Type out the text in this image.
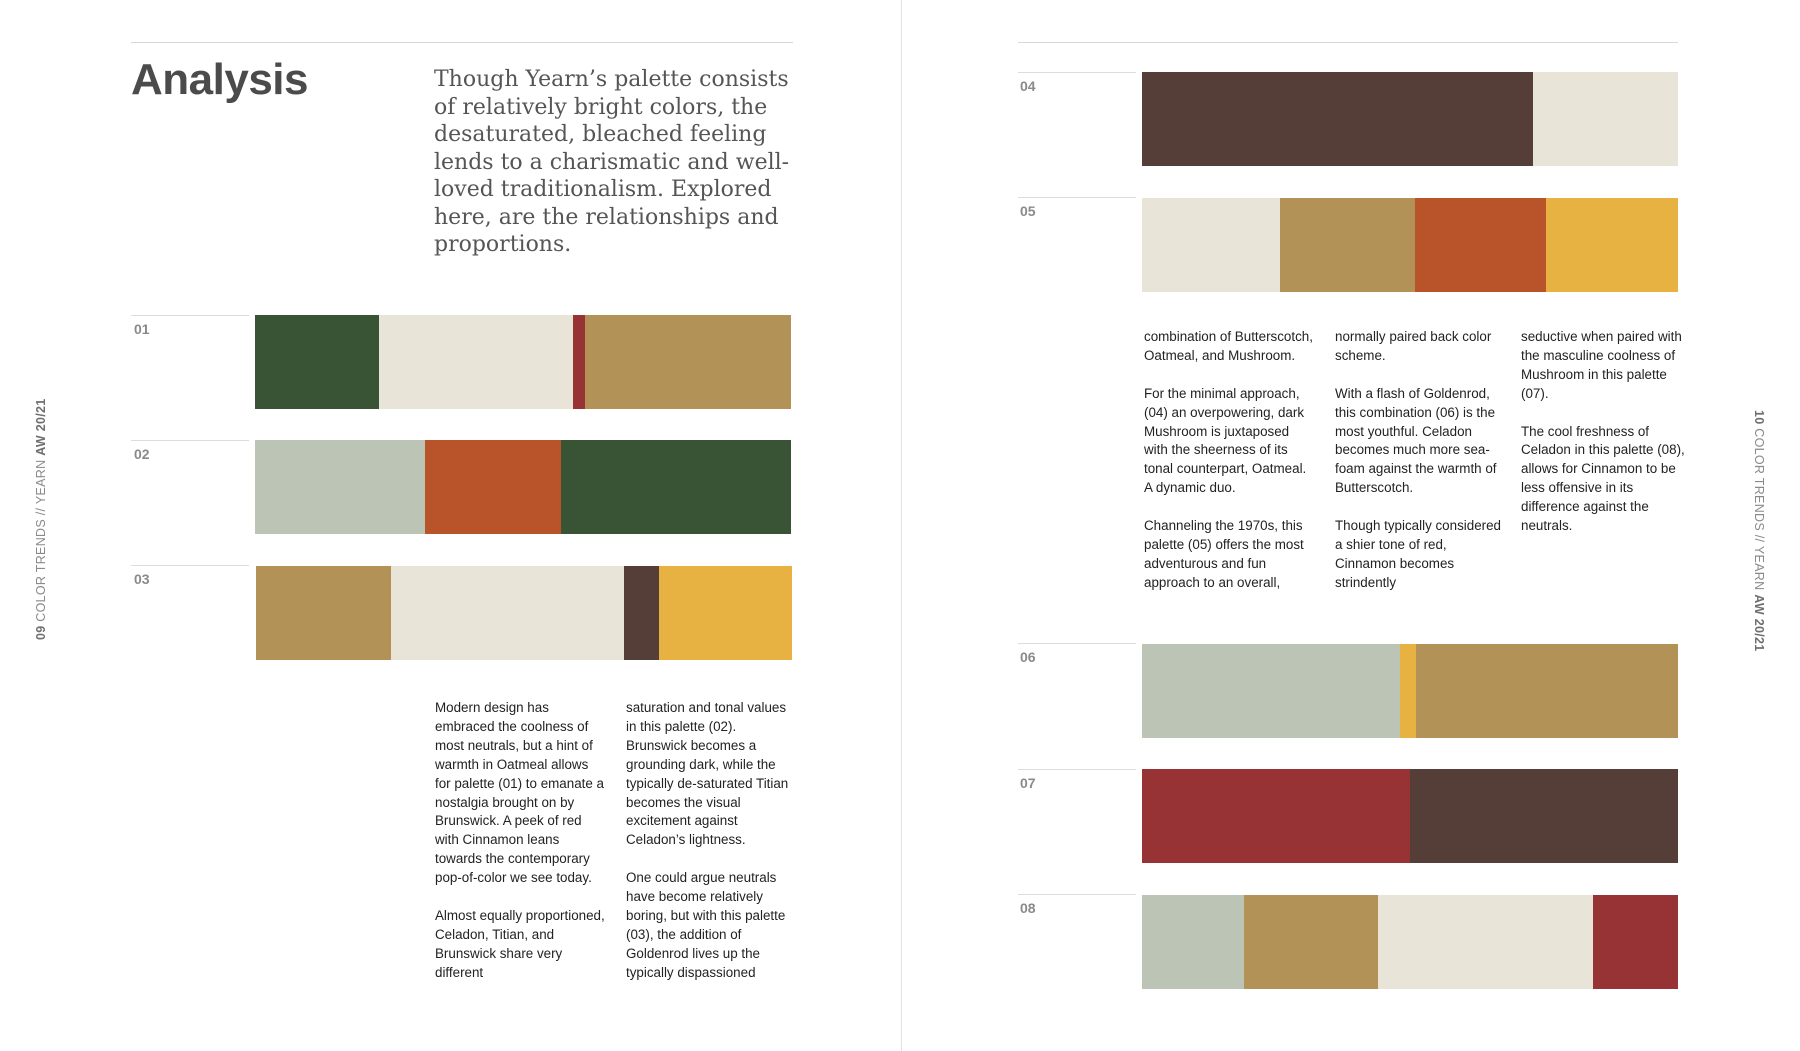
Analysis	Though Yearn’s palette consists of relatively bright colors, the desaturated, bleached feeling lends to a charismatic and well-loved traditionalism. Explored here, are the relationships and proportions.
01
02
03
04
05
06
07
08

Modern design has embraced the coolness of most neutrals, but a hint of warmth in Oatmeal allows for palette (01) to emanate a nostalgia brought on by Brunswick. A peek of red with Cinnamon leans towards the contemporary pop-of-color we see today.

Almost equally proportioned, Celadon, Titian, and Brunswick share very different

saturation and tonal values in this palette (02). Brunswick becomes a grounding dark, while the typically de-saturated Titian becomes the visual excitement against Celadon’s lightness.

One could argue neutrals have become relatively boring, but with this palette (03), the addition of Goldenrod lives up the typically dispassioned

combination of Butterscotch, Oatmeal, and Mushroom.

For the minimal approach, (04) an overpowering, dark Mushroom is juxtaposed with the sheerness of its tonal counterpart, Oatmeal. A dynamic duo.

Channeling the 1970s, this palette (05) offers the most adventurous and fun approach to an overall,

normally paired back color scheme.

With a flash of Goldenrod, this combination (06) is the most youthful. Celadon becomes much more sea-foam against the warmth of Butterscotch.

Though typically considered a shier tone of red, Cinnamon becomes strindently

seductive when paired with the masculine coolness of Mushroom in this palette (07).

The cool freshness of Celadon in this palette (08), allows for Cinnamon to be less offensive in its difference against the neutrals.

09 COLOR TRENDS // YEARN AW 20/21	10 COLOR TRENDS // YEARN AW 20/21
